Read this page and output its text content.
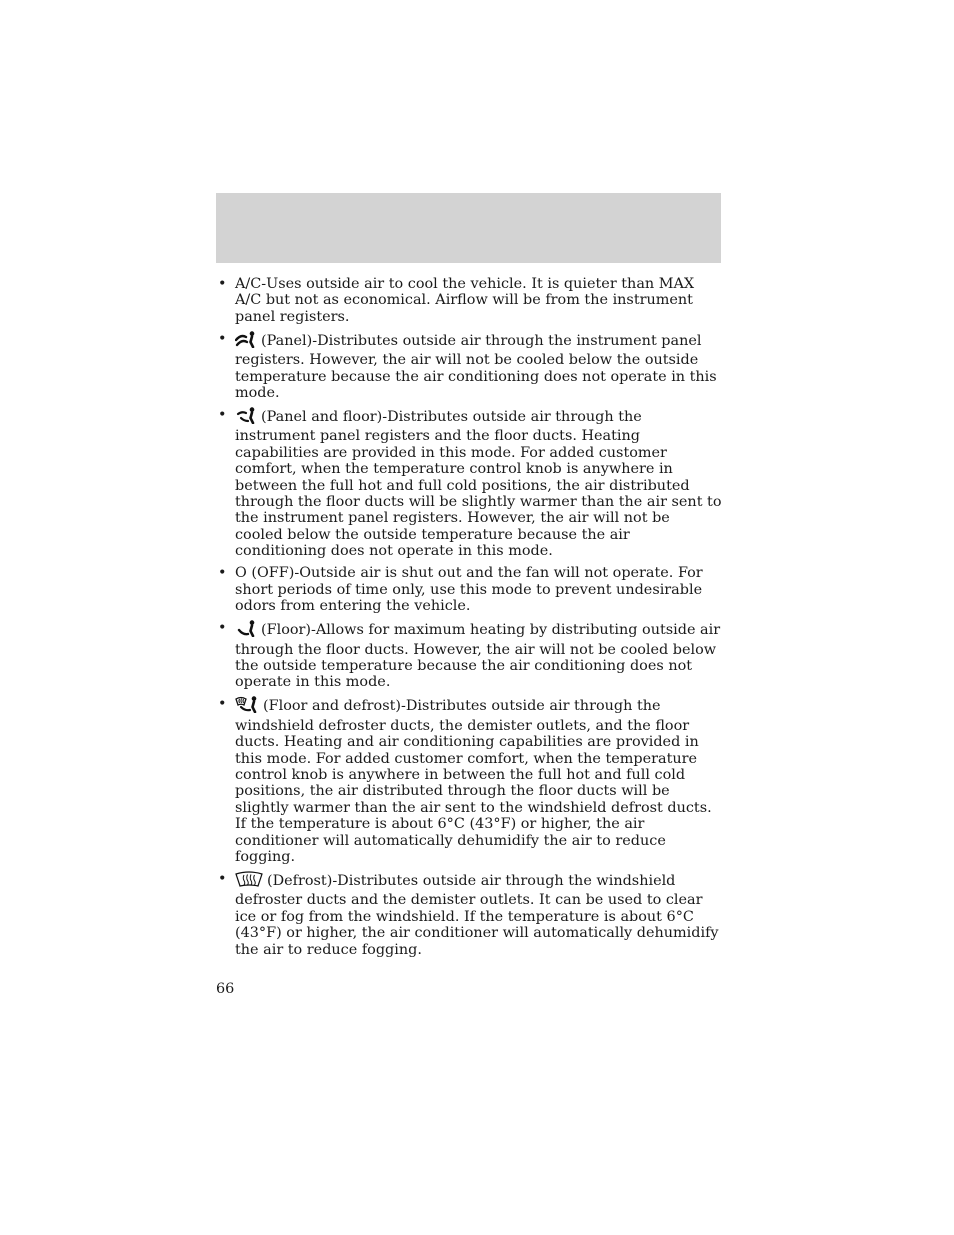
• A/C-Uses outside air to cool the vehicle. It is quieter than MAX A/C but not as economical. Airflow will be from the instrument panel registers.
• (Panel)-Distributes outside air through the instrument panel registers. However, the air will not be cooled below the outside temperature because the air conditioning does not operate in this mode.
• (Panel and floor)-Distributes outside air through the instrument panel registers and the floor ducts. Heating capabilities are provided in this mode. For added customer comfort, when the temperature control knob is anywhere in between the full hot and full cold positions, the air distributed through the floor ducts will be slightly warmer than the air sent to the instrument panel registers. However, the air will not be cooled below the outside temperature because the air conditioning does not operate in this mode.
• O (OFF)-Outside air is shut out and the fan will not operate. For short periods of time only, use this mode to prevent undesirable odors from entering the vehicle.
• (Floor)-Allows for maximum heating by distributing outside air through the floor ducts. However, the air will not be cooled below the outside temperature because the air conditioning does not operate in this mode.
• (Floor and defrost)-Distributes outside air through the windshield defroster ducts, the demister outlets, and the floor ducts. Heating and air conditioning capabilities are provided in this mode. For added customer comfort, when the temperature control knob is anywhere in between the full hot and full cold positions, the air distributed through the floor ducts will be slightly warmer than the air sent to the windshield defrost ducts. If the temperature is about 6°C (43°F) or higher, the air conditioner will automatically dehumidify the air to reduce fogging.
• (Defrost)-Distributes outside air through the windshield defroster ducts and the demister outlets. It can be used to clear ice or fog from the windshield. If the temperature is about 6°C (43°F) or higher, the air conditioner will automatically dehumidify the air to reduce fogging.
66
